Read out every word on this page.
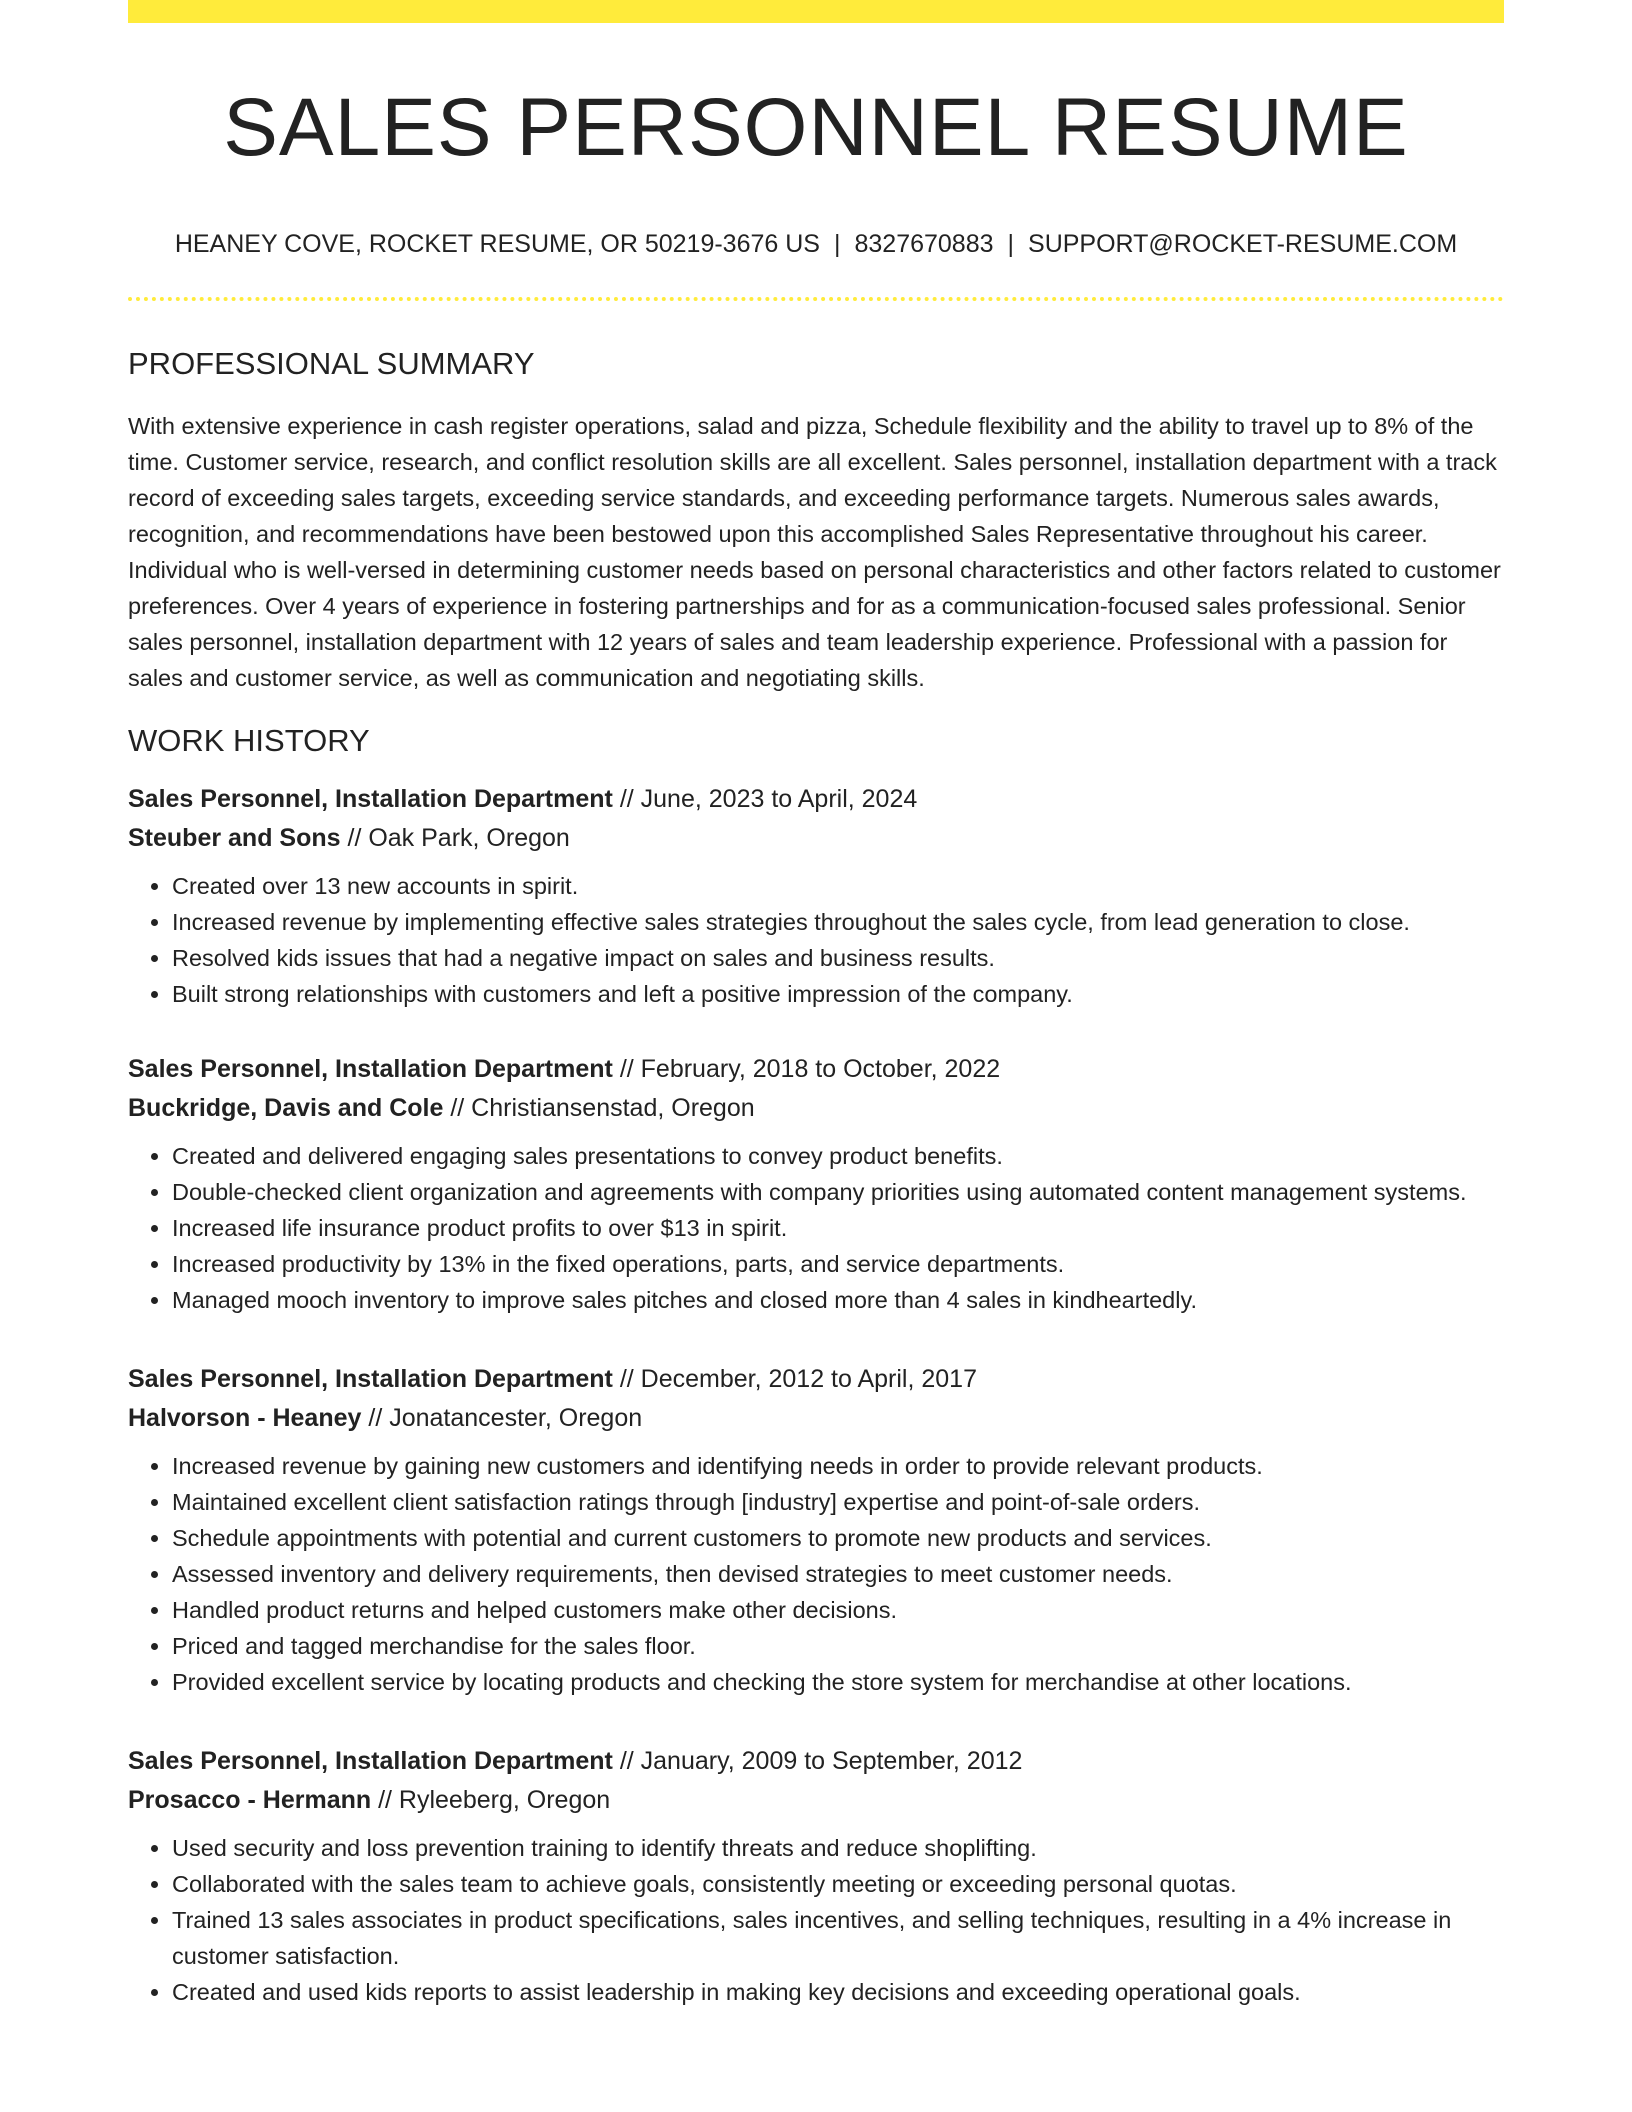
SALES PERSONNEL RESUME
HEANEY COVE, ROCKET RESUME, OR 50219-3676 US | 8327670883 | SUPPORT@ROCKET-RESUME.COM
PROFESSIONAL SUMMARY

With extensive experience in cash register operations, salad and pizza, Schedule flexibility and the ability to travel up to 8% of the time. Customer service, research, and conflict resolution skills are all excellent. Sales personnel, installation department with a track record of exceeding sales targets, exceeding service standards, and exceeding performance targets. Numerous sales awards, recognition, and recommendations have been bestowed upon this accomplished Sales Representative throughout his career. Individual who is well-versed in determining customer needs based on personal characteristics and other factors related to customer preferences. Over 4 years of experience in fostering partnerships and for as a communication-focused sales professional. Senior sales personnel, installation department with 12 years of sales and team leadership experience. Professional with a passion for sales and customer service, as well as communication and negotiating skills.

WORK HISTORY

Sales Personnel, Installation Department // June, 2023 to April, 2024

Steuber and Sons // Oak Park, Oregon

• Created over 13 new accounts in spirit.
• Increased revenue by implementing effective sales strategies throughout the sales cycle, from lead generation to close.
• Resolved kids issues that had a negative impact on sales and business results.
• Built strong relationships with customers and left a positive impression of the company.

Sales Personnel, Installation Department // February, 2018 to October, 2022

Buckridge, Davis and Cole // Christiansenstad, Oregon

• Created and delivered engaging sales presentations to convey product benefits.
• Double-checked client organization and agreements with company priorities using automated content management systems.
• Increased life insurance product profits to over $13 in spirit.
• Increased productivity by 13% in the fixed operations, parts, and service departments.
• Managed mooch inventory to improve sales pitches and closed more than 4 sales in kindheartedly.

Sales Personnel, Installation Department // December, 2012 to April, 2017

Halvorson - Heaney // Jonatancester, Oregon

• Increased revenue by gaining new customers and identifying needs in order to provide relevant products.
• Maintained excellent client satisfaction ratings through [industry] expertise and point-of-sale orders.
• Schedule appointments with potential and current customers to promote new products and services.
• Assessed inventory and delivery requirements, then devised strategies to meet customer needs.
• Handled product returns and helped customers make other decisions.
• Priced and tagged merchandise for the sales floor.
• Provided excellent service by locating products and checking the store system for merchandise at other locations.

Sales Personnel, Installation Department // January, 2009 to September, 2012

Prosacco - Hermann // Ryleeberg, Oregon

• Used security and loss prevention training to identify threats and reduce shoplifting.
• Collaborated with the sales team to achieve goals, consistently meeting or exceeding personal quotas.
• Trained 13 sales associates in product specifications, sales incentives, and selling techniques, resulting in a 4% increase in customer satisfaction.
• Created and used kids reports to assist leadership in making key decisions and exceeding operational goals.
